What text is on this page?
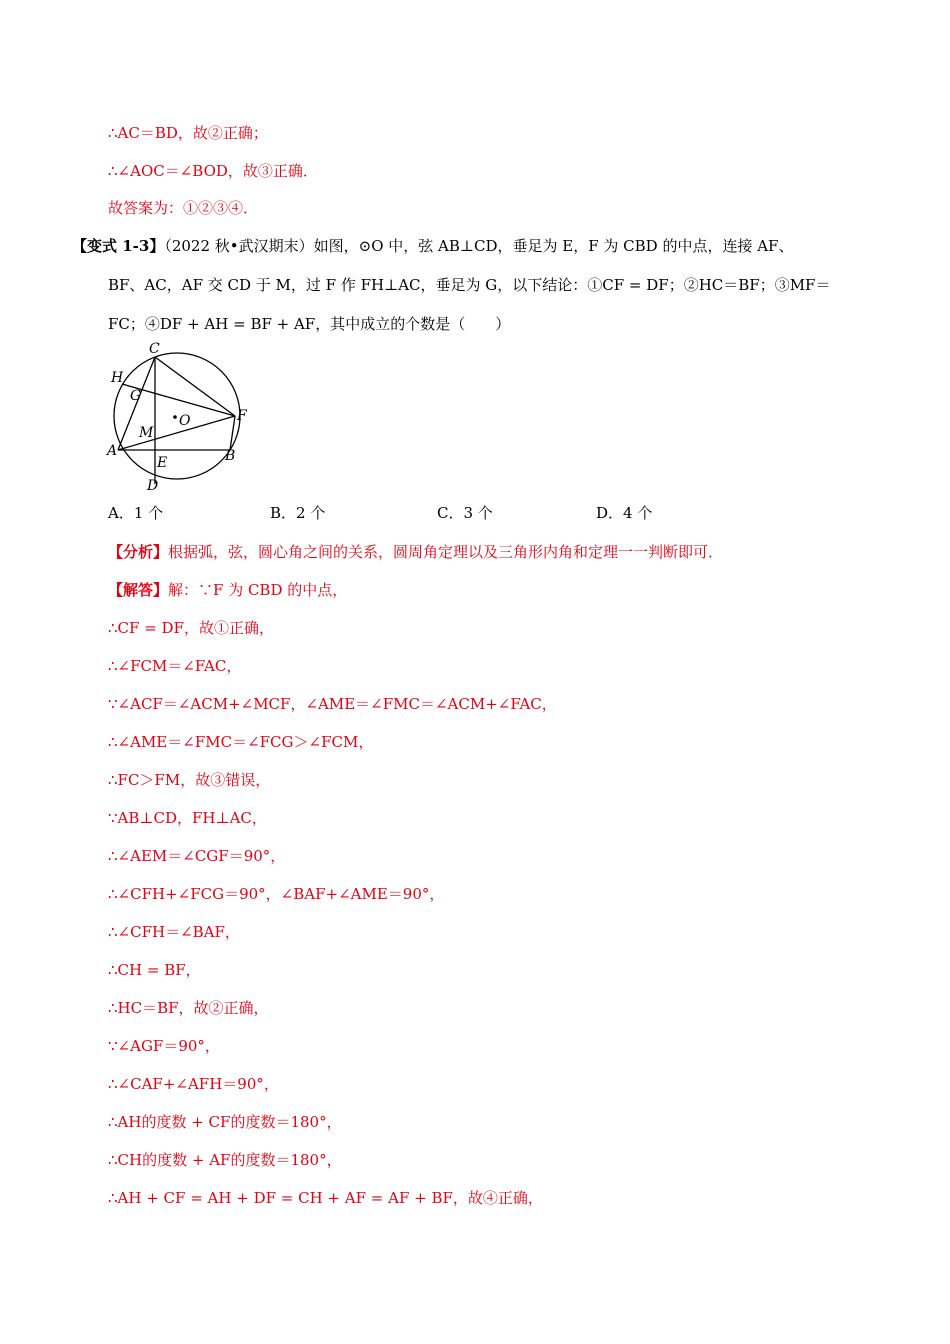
∴AC＝BD，故②正确；
∴∠AOC＝∠BOD，故③正确．
故答案为：①②③④．
【变式 1-3】（2022 秋•武汉期末）如图，⊙O 中，弦 AB⊥CD，垂足为 E，F 为 CBD 的中点，连接 AF、
BF、AC，AF 交 CD 于 M，过 F 作 FH⊥AC，垂足为 G，以下结论：①CF = DF；②HC＝BF；③MF＝
FC；④DF + AH = BF + AF，其中成立的个数是（　　）
C
H
G
O	F
M
A
E	B
D
A．1 个	B．2 个	C．3 个	D．4 个
【分析】根据弧，弦，圆心角之间的关系，圆周角定理以及三角形内角和定理一一判断即可．
【解答】解：∵F 为 CBD 的中点，
∴CF = DF，故①正确，
∴∠FCM＝∠FAC，
∵∠ACF＝∠ACM+∠MCF，∠AME＝∠FMC＝∠ACM+∠FAC，
∴∠AME＝∠FMC＝∠FCG＞∠FCM，
∴FC＞FM，故③错误，
∵AB⊥CD，FH⊥AC，
∴∠AEM＝∠CGF＝90°，
∴∠CFH+∠FCG＝90°，∠BAF+∠AME＝90°，
∴∠CFH＝∠BAF，
∴CH = BF，
∴HC＝BF，故②正确，
∵∠AGF＝90°，
∴∠CAF+∠AFH＝90°，
∴AH的度数 + CF的度数＝180°，
∴CH的度数 + AF的度数＝180°，
∴AH + CF = AH + DF = CH + AF = AF + BF，故④正确，
